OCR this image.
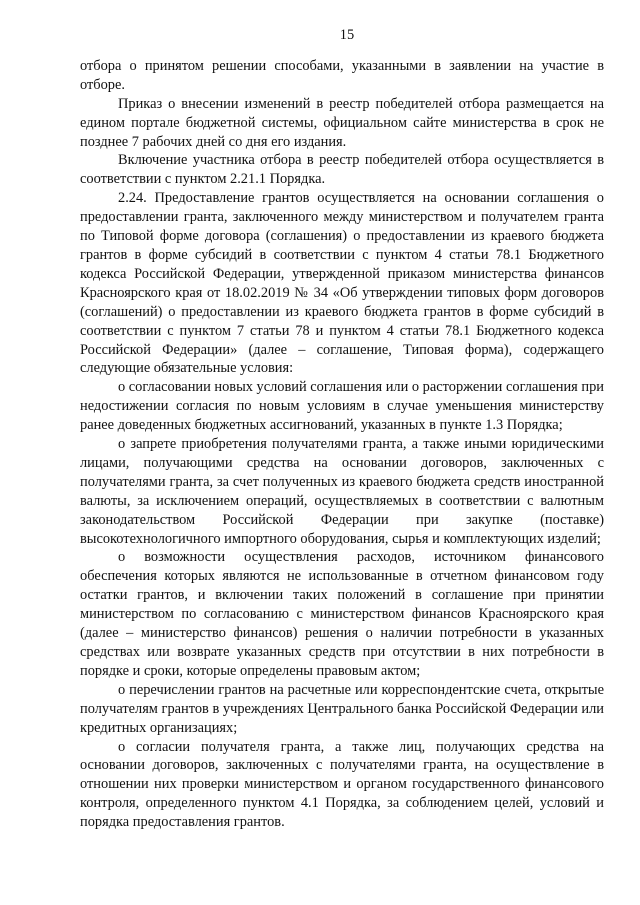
15

отбора о принятом решении способами, указанными в заявлении на участие в отборе.

Приказ о внесении изменений в реестр победителей отбора размещается на едином портале бюджетной системы, официальном сайте министерства в срок не позднее 7 рабочих дней со дня его издания.

Включение участника отбора в реестр победителей отбора осуществляется в соответствии с пунктом 2.21.1 Порядка.

2.24. Предоставление грантов осуществляется на основании соглашения о предоставлении гранта, заключенного между министерством и получателем гранта по Типовой форме договора (соглашения) о предоставлении из краевого бюджета грантов в форме субсидий в соответствии с пунктом 4 статьи 78.1 Бюджетного кодекса Российской Федерации, утвержденной приказом министерства финансов Красноярского края от 18.02.2019 № 34 «Об утверждении типовых форм договоров (соглашений) о предоставлении из краевого бюджета грантов в форме субсидий в соответствии с пунктом 7 статьи 78 и пунктом 4 статьи 78.1 Бюджетного кодекса Российской Федерации» (далее – соглашение, Типовая форма), содержащего следующие обязательные условия:

о согласовании новых условий соглашения или о расторжении соглашения при недостижении согласия по новым условиям в случае уменьшения министерству ранее доведенных бюджетных ассигнований, указанных в пункте 1.3 Порядка;

о запрете приобретения получателями гранта, а также иными юридическими лицами, получающими средства на основании договоров, заключенных с получателями гранта, за счет полученных из краевого бюджета средств иностранной валюты, за исключением операций, осуществляемых в соответствии с валютным законодательством Российской Федерации при закупке (поставке) высокотехнологичного импортного оборудования, сырья и комплектующих изделий;

о возможности осуществления расходов, источником финансового обеспечения которых являются не использованные в отчетном финансовом году остатки грантов, и включении таких положений в соглашение при принятии министерством по согласованию с министерством финансов Красноярского края (далее – министерство финансов) решения о наличии потребности в указанных средствах или возврате указанных средств при отсутствии в них потребности в порядке и сроки, которые определены правовым актом;

о перечислении грантов на расчетные или корреспондентские счета, открытые получателям грантов в учреждениях Центрального банка Российской Федерации или кредитных организациях;

о согласии получателя гранта, а также лиц, получающих средства на основании договоров, заключенных с получателями гранта, на осуществление в отношении них проверки министерством и органом государственного финансового контроля, определенного пунктом 4.1 Порядка, за соблюдением целей, условий и порядка предоставления грантов.
